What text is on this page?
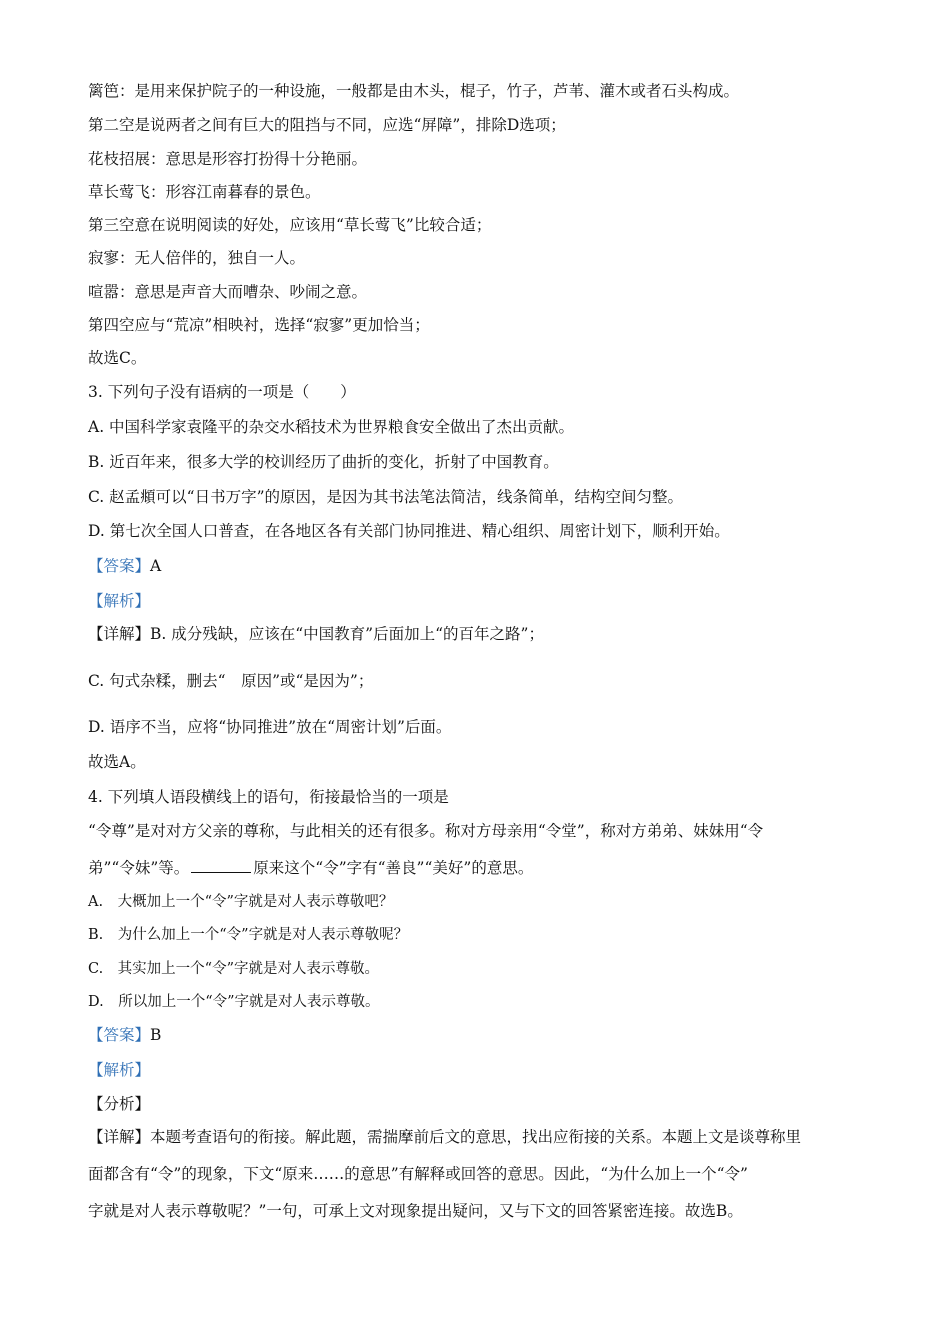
篱笆：是用来保护院子的一种设施，一般都是由木头，棍子，竹子，芦苇、灌木或者石头构成。
第二空是说两者之间有巨大的阻挡与不同，应选“屏障”，排除D选项；
花枝招展：意思是形容打扮得十分艳丽。
草长莺飞：形容江南暮春的景色。
第三空意在说明阅读的好处，应该用“草长莺飞”比较合适；
寂寥：无人倍伴的，独自一人。
喧嚣：意思是声音大而嘈杂、吵闹之意。
第四空应与“荒凉”相映衬，选择“寂寥”更加恰当；
故选C。
3. 下列句子没有语病的一项是（　　）
A. 中国科学家袁隆平的杂交水稻技术为世界粮食安全做出了杰出贡献。
B. 近百年来，很多大学的校训经历了曲折的变化，折射了中国教育。
C. 赵孟頫可以“日书万字”的原因，是因为其书法笔法简洁，线条简单，结构空间匀整。
D. 第七次全国人口普查，在各地区各有关部门协同推进、精心组织、周密计划下，顺利开始。
【答案】A
【解析】
【详解】B. 成分残缺，应该在“中国教育”后面加上“的百年之路”；
C. 句式杂糅，删去“　原因”或“是因为”；
D. 语序不当，应将“协同推进”放在“周密计划”后面。
故选A。
4. 下列填人语段横线上的语句，衔接最恰当的一项是
“令尊”是对对方父亲的尊称，与此相关的还有很多。称对方母亲用“令堂”，称对方弟弟、妹妹用“令
弟”“令妹”等。	原来这个“令”字有“善良”“美好”的意思。
A.　大概加上一个“令”字就是对人表示尊敬吧？
B.　为什么加上一个“令”字就是对人表示尊敬呢？
C.　其实加上一个“令”字就是对人表示尊敬。
D.　所以加上一个“令”字就是对人表示尊敬。
【答案】B
【解析】
【分析】
【详解】本题考查语句的衔接。解此题，需揣摩前后文的意思，找出应衔接的关系。本题上文是谈尊称里
面都含有“令”的现象，下文“原来……的意思”有解释或回答的意思。因此，“为什么加上一个“令”
字就是对人表示尊敬呢？”一句，可承上文对现象提出疑问，又与下文的回答紧密连接。故选B。
